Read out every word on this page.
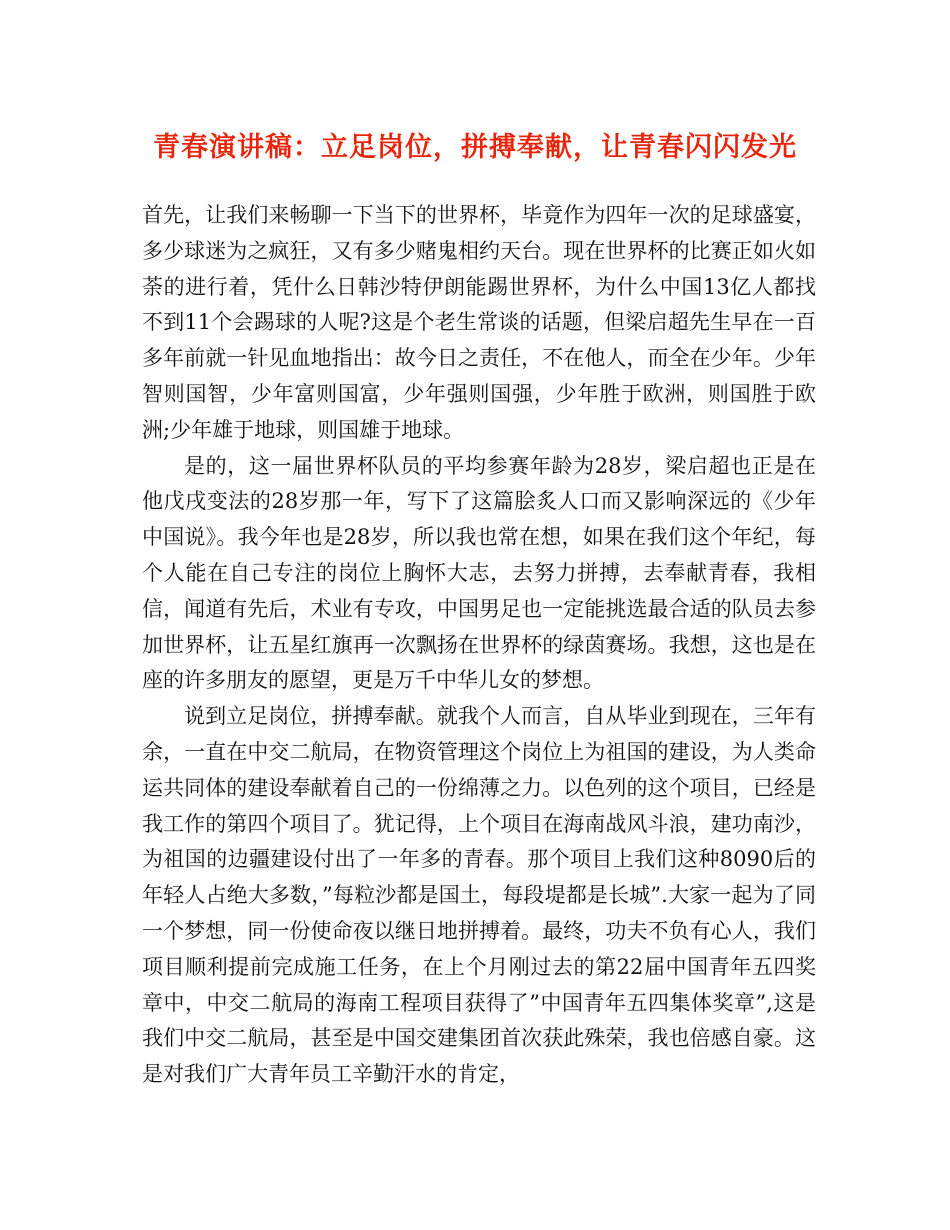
青春演讲稿：立足岗位，拼搏奉献，让青春闪闪发光

首先，让我们来畅聊一下当下的世界杯，毕竟作为四年一次的足球盛宴，多少球迷为之疯狂，又有多少赌鬼相约天台。现在世界杯的比赛正如火如荼的进行着，凭什么日韩沙特伊朗能踢世界杯，为什么中国13亿人都找不到11个会踢球的人呢?这是个老生常谈的话题，但梁启超先生早在一百多年前就一针见血地指出：故今日之责任，不在他人，而全在少年。少年智则国智，少年富则国富，少年强则国强，少年胜于欧洲，则国胜于欧洲;少年雄于地球，则国雄于地球。

是的，这一届世界杯队员的平均参赛年龄为28岁，梁启超也正是在他戊戌变法的28岁那一年，写下了这篇脍炙人口而又影响深远的《少年中国说》。我今年也是28岁，所以我也常在想，如果在我们这个年纪，每个人能在自己专注的岗位上胸怀大志，去努力拼搏，去奉献青春，我相信，闻道有先后，术业有专攻，中国男足也一定能挑选最合适的队员去参加世界杯，让五星红旗再一次飘扬在世界杯的绿茵赛场。我想，这也是在座的许多朋友的愿望，更是万千中华儿女的梦想。

说到立足岗位，拼搏奉献。就我个人而言，自从毕业到现在，三年有余，一直在中交二航局，在物资管理这个岗位上为祖国的建设，为人类命运共同体的建设奉献着自己的一份绵薄之力。以色列的这个项目，已经是我工作的第四个项目了。犹记得，上个项目在海南战风斗浪，建功南沙，为祖国的边疆建设付出了一年多的青春。那个项目上我们这种8090后的年轻人占绝大多数，”每粒沙都是国土，每段堤都是长城”.大家一起为了同一个梦想，同一份使命夜以继日地拼搏着。最终，功夫不负有心人，我们项目顺利提前完成施工任务，在上个月刚过去的第22届中国青年五四奖章中，中交二航局的海南工程项目获得了”中国青年五四集体奖章”,这是我们中交二航局，甚至是中国交建集团首次获此殊荣，我也倍感自豪。这是对我们广大青年员工辛勤汗水的肯定，
